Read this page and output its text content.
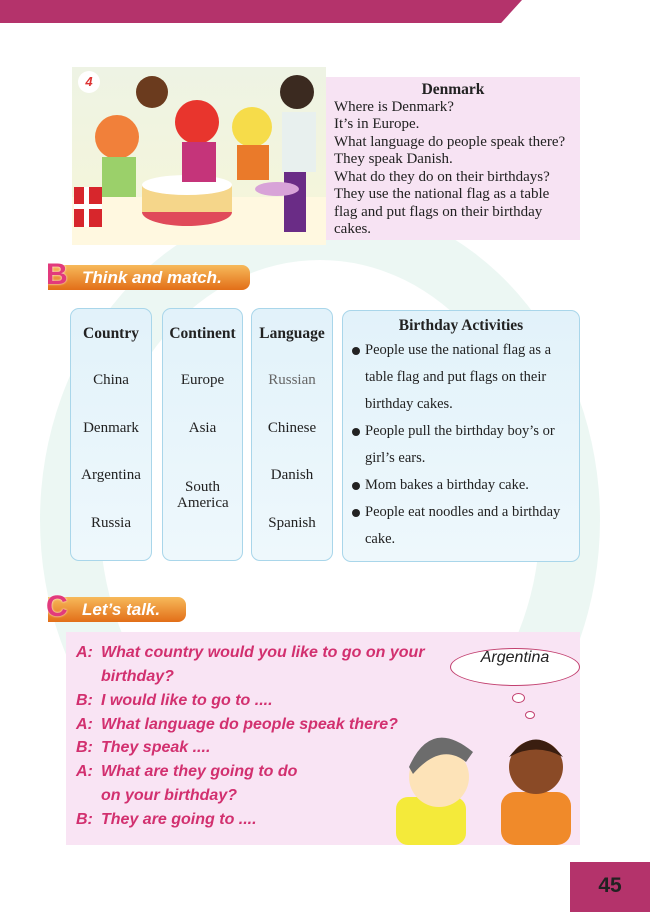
4	Denmark
Where is Denmark?
It’s in Europe.
What language do people speak there?
They speak Danish.
What do they do on their birthdays?
They use the national flag as a table flag and put flags on their birthday cakes.
B Think and match.
Country
China
Denmark
Argentina
Russia
Continent
Europe
Asia
South America
Language
Russian
Chinese
Danish
Spanish
Birthday Activities
People use the national flag as a table flag and put flags on their birthday cakes.
People pull the birthday boy’s or girl’s ears.
Mom bakes a birthday cake.
People eat noodles and a birthday cake.
C Let’s talk.
A: What country would you like to go on your
birthday?
B: I would like to go to ....
A: What language do people speak there?
B: They speak ....
A: What are they going to do
on your birthday?
B: They are going to ....
Argentina
45
